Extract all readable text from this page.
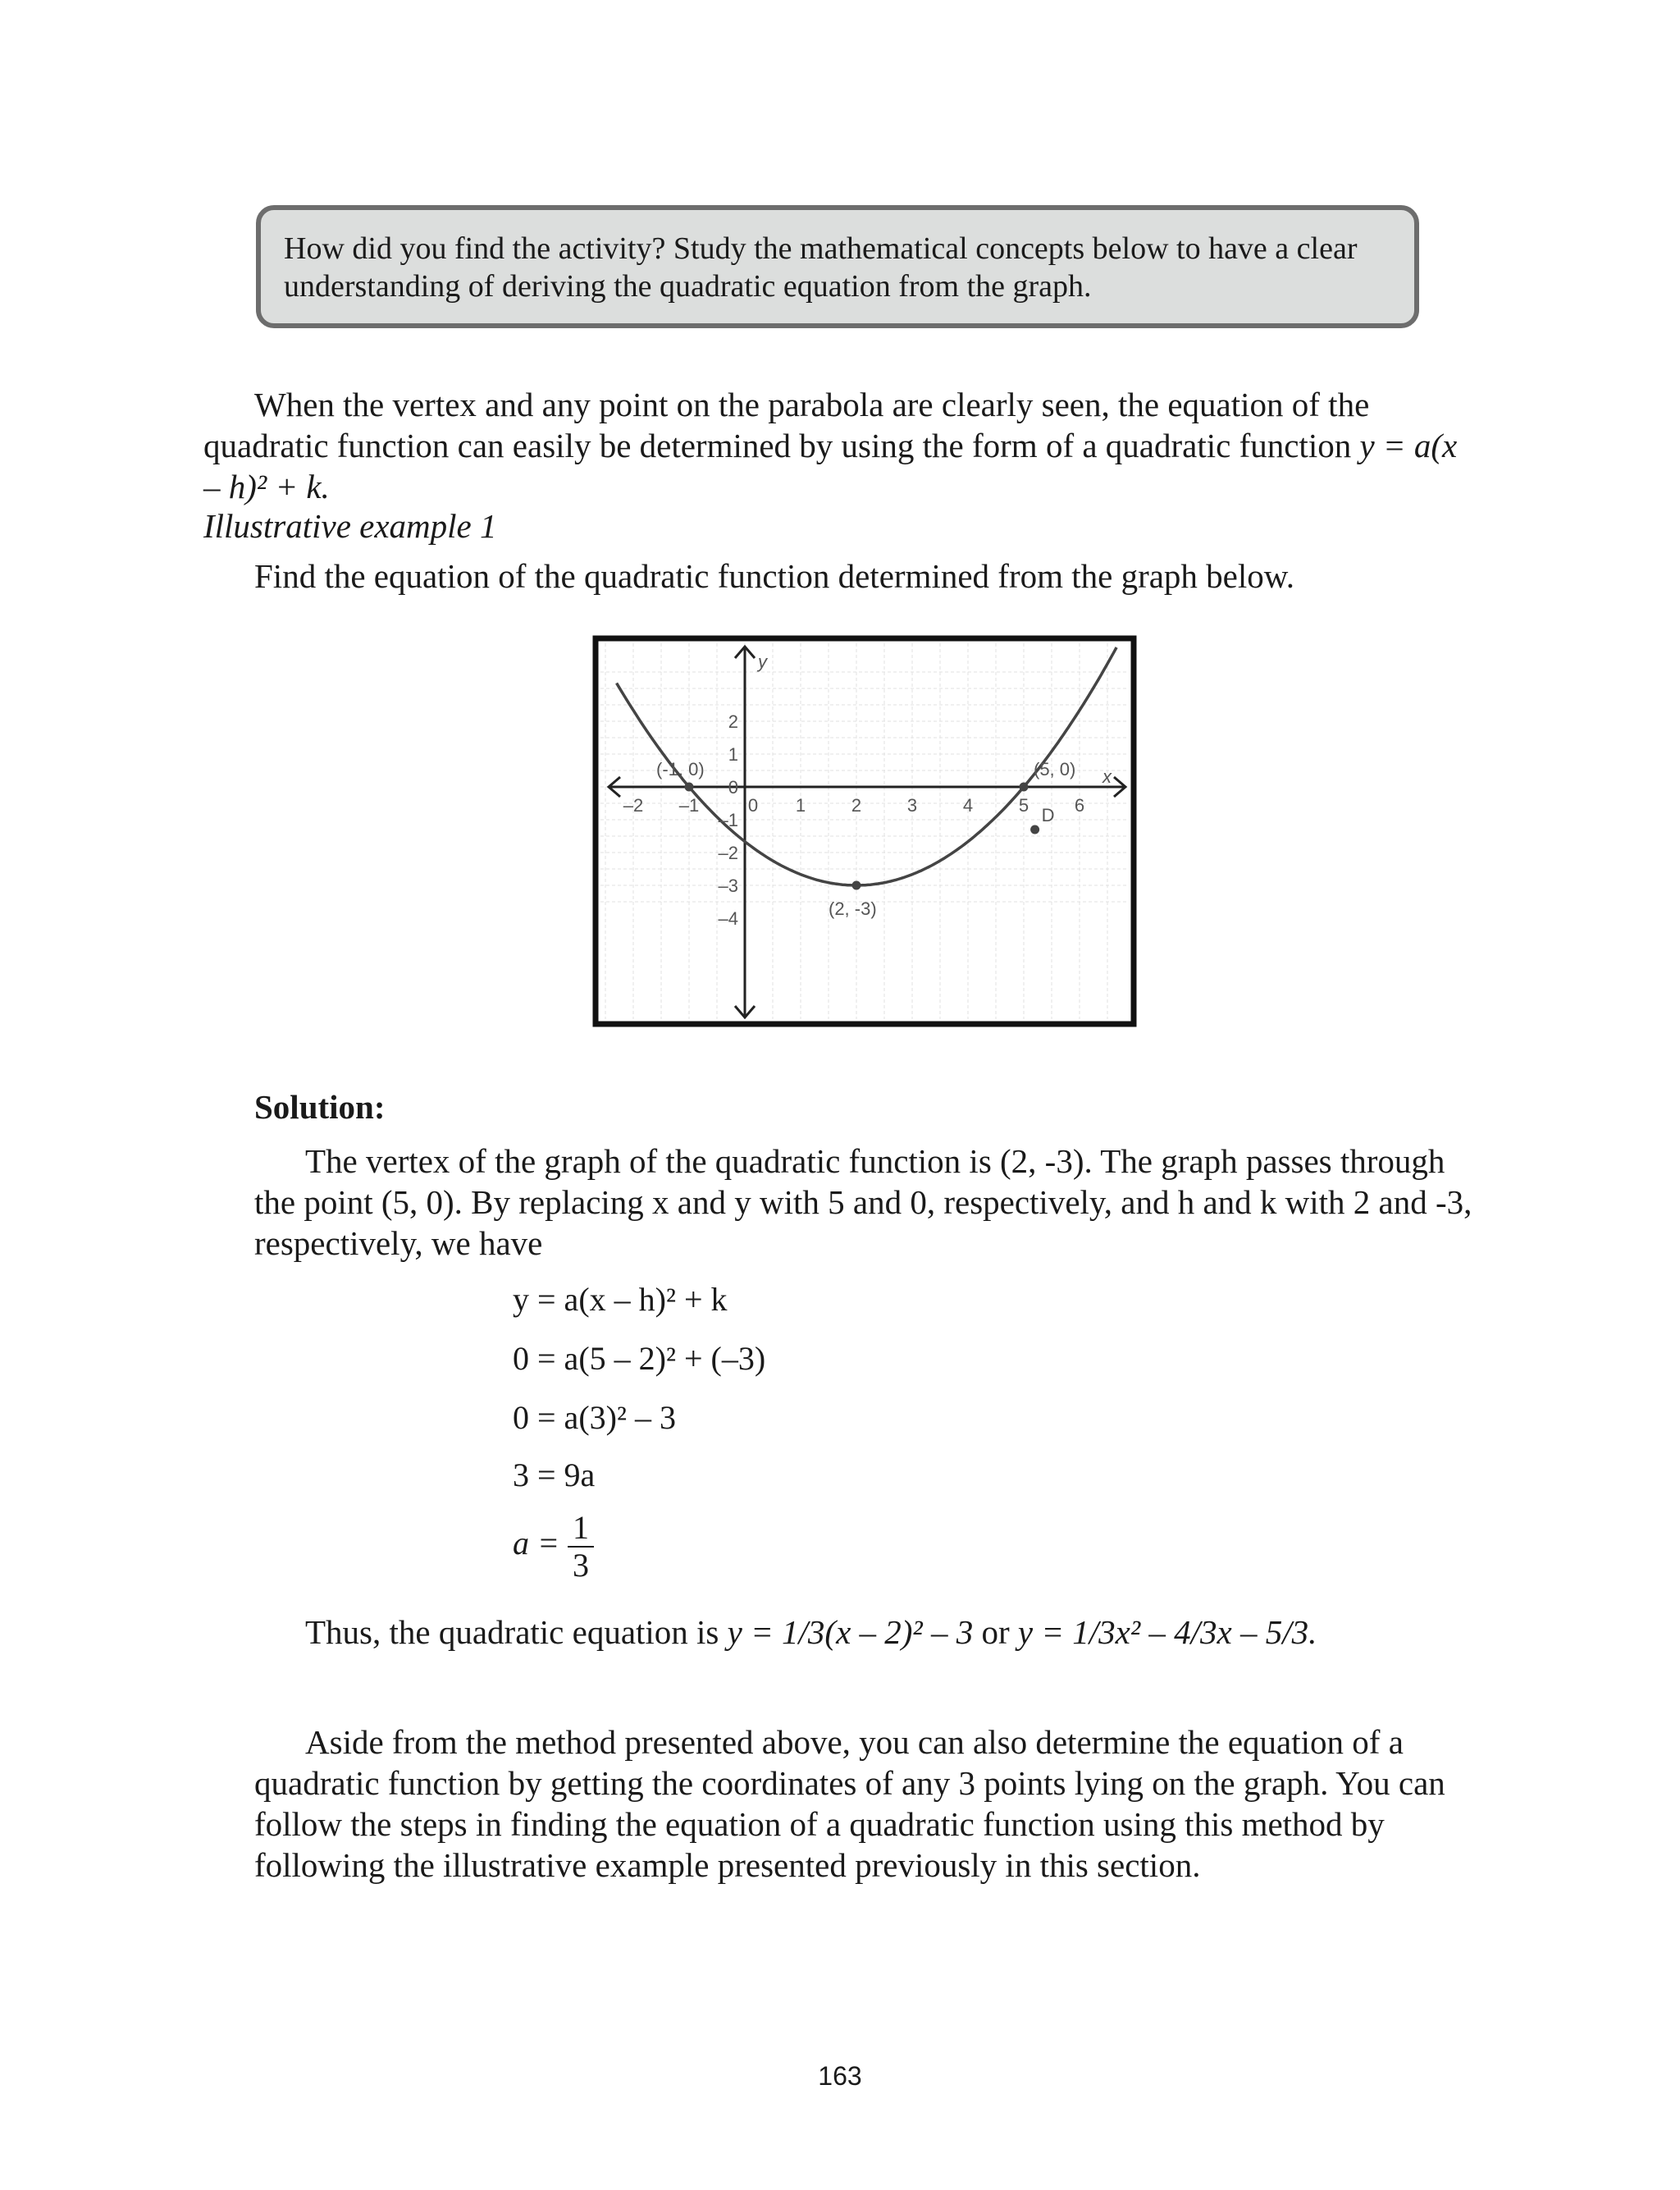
How did you find the activity? Study the mathematical concepts below to have a clear understanding of deriving the quadratic equation from the graph.

When the vertex and any point on the parabola are clearly seen, the equation of the quadratic function can easily be determined by using the form of a quadratic function y = a(x – h)² + k.

Illustrative example 1

Find the equation of the quadratic function determined from the graph below.

–2 –1	0 1	2	3	4	5	6
2
1
0
–1
–2
–3
–4
y
x
(-1, 0)	(5, 0)
(2, -3)
D

Solution:

The vertex of the graph of the quadratic function is (2, -3). The graph passes through the point (5, 0). By replacing x and y with 5 and 0, respectively, and h and k with 2 and -3, respectively, we have

y = a(x – h)² + k
0 = a(5 – 2)² + (–3)
0 = a(3)² – 3
3 = 9a
$a = \frac{1}{3}$
Thus, the quadratic equation is y = 1/3(x – 2)² – 3 or y = 1/3x² – 4/3x – 5/3.

Aside from the method presented above, you can also determine the equation of a quadratic function by getting the coordinates of any 3 points lying on the graph. You can follow the steps in finding the equation of a quadratic function using this method by following the illustrative example presented previously in this section.

163
